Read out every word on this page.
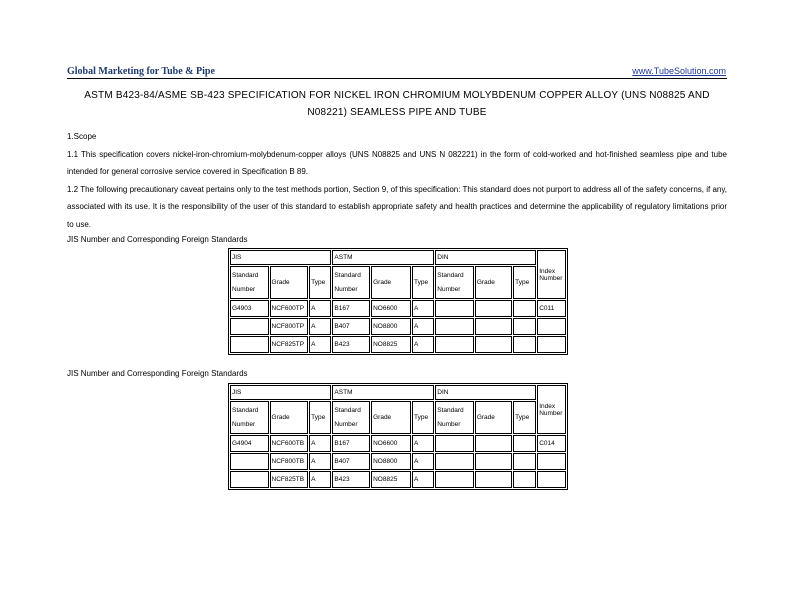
Global Marketing for Tube & Pipe	www.TubeSolution.com
ASTM B423-84/ASME SB-423 SPECIFICATION FOR NICKEL IRON CHROMIUM MOLYBDENUM COPPER ALLOY (UNS N08825 AND N08221) SEAMLESS PIPE AND TUBE

1.Scope

1.1 This specification covers nickel-iron-chromium-molybdenum-copper alloys (UNS N08825 and UNS N 082221) in the form of cold-worked and hot-finished seamless pipe and tube intended for general corrosive service covered in Specification B 89.

1.2 The following precautionary caveat pertains only to the test methods portion, Section 9, of this specification: This standard does not purport to address all of the safety concerns, if any, associated with its use. It is the responsibility of the user of this standard to establish appropriate safety and health practices and determine the applicability of regulatory limitations prior to use.

JIS Number and Corresponding Foreign Standards
JIS			ASTM			DIN			Index Number
Standard Number	Grade	Type	Standard Number	Grade	Type	Standard Number	Grade	Type	
G4903	NCF600TP	A	B167	NO6600	A				C011
	NCF800TP	A	B407	NO8800	A				
	NCF825TP	A	B423	NO8825	A				
JIS Number and Corresponding Foreign Standards
JIS			ASTM			DIN			Index Number
Standard Number	Grade	Type	Standard Number	Grade	Type	Standard Number	Grade	Type	
G4904	NCF600TB	A	B167	NO6600	A				C014
	NCF800TB	A	B407	NO8800	A				
	NCF825TB	A	B423	NO8825	A				
